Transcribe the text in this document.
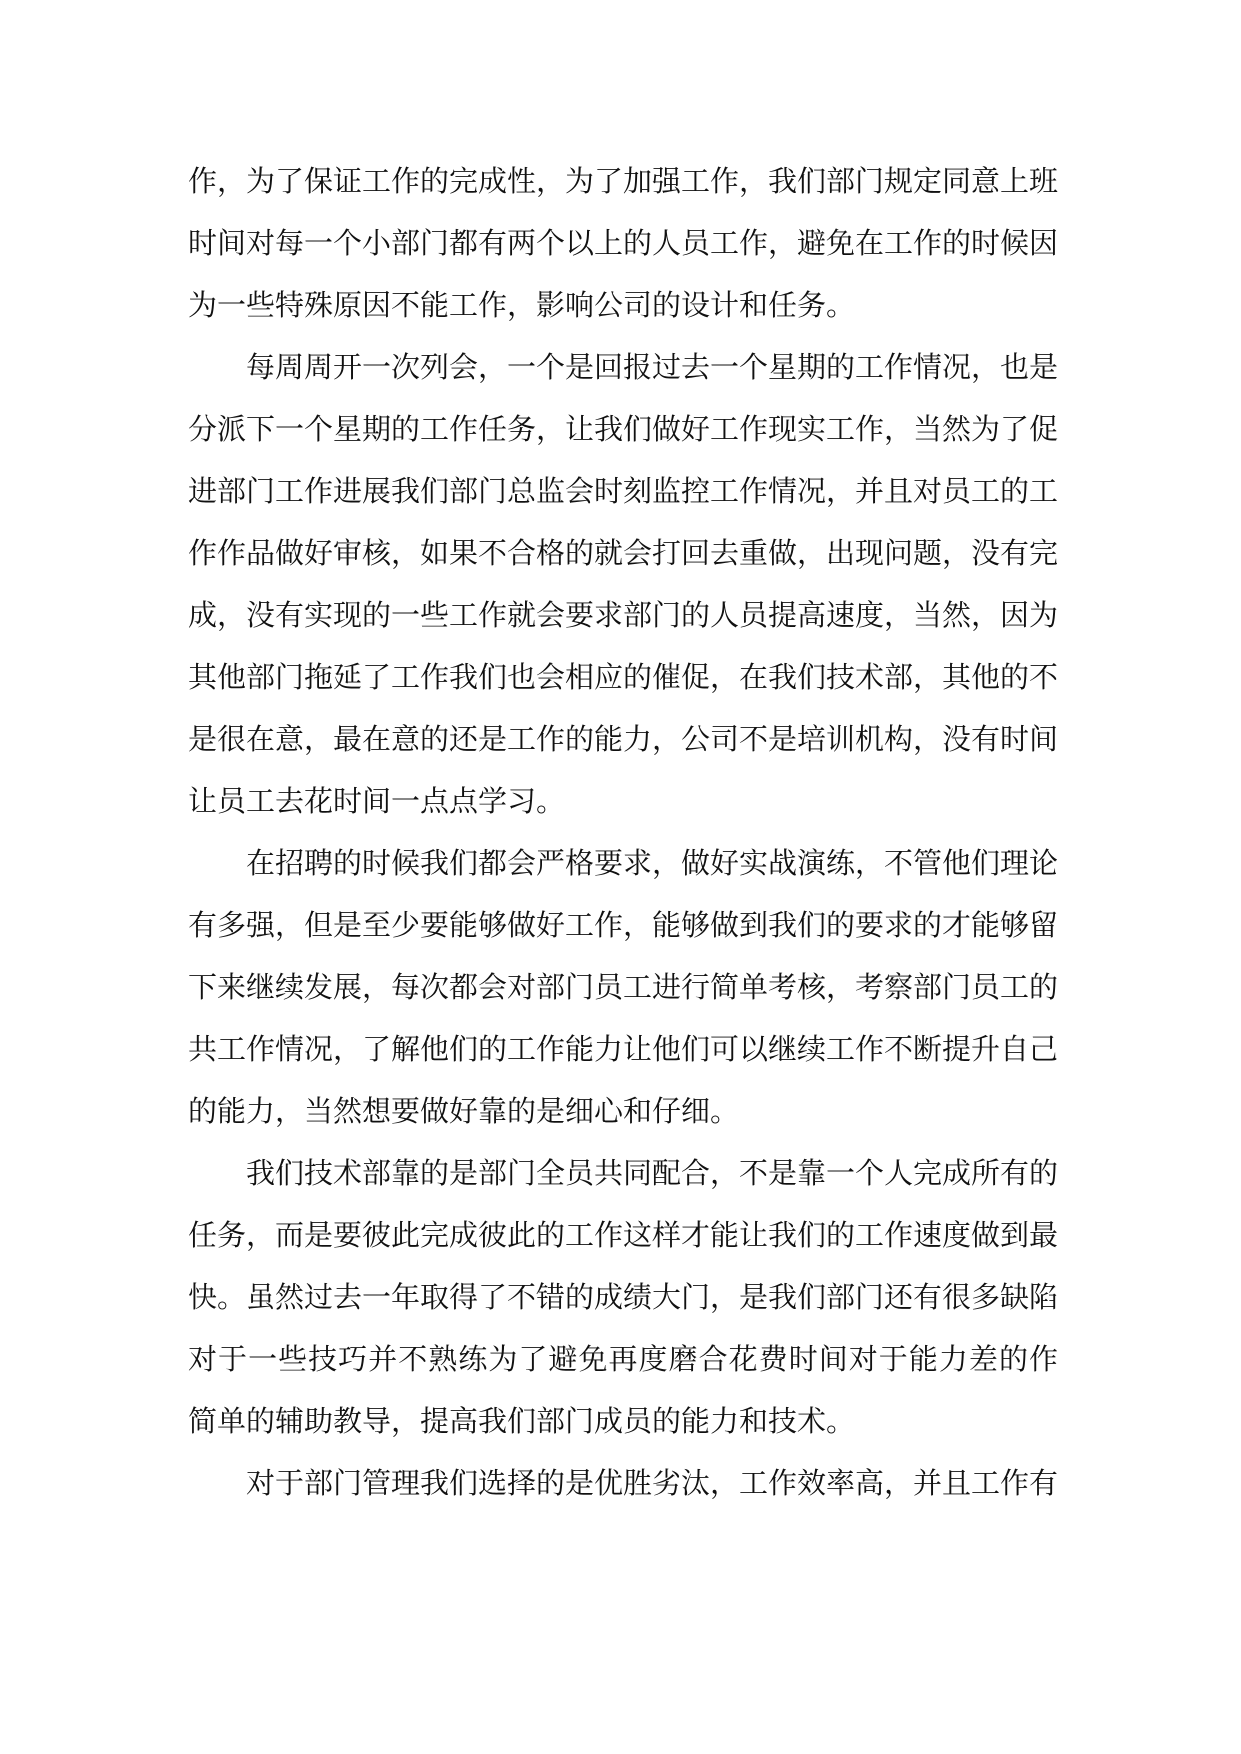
作，为了保证工作的完成性，为了加强工作，我们部门规定同意上班
时间对每一个小部门都有两个以上的人员工作，避免在工作的时候因
为一些特殊原因不能工作，影响公司的设计和任务。
每周周开一次列会，一个是回报过去一个星期的工作情况，也是
分派下一个星期的工作任务，让我们做好工作现实工作，当然为了促
进部门工作进展我们部门总监会时刻监控工作情况，并且对员工的工
作作品做好审核，如果不合格的就会打回去重做，出现问题，没有完
成，没有实现的一些工作就会要求部门的人员提高速度，当然，因为
其他部门拖延了工作我们也会相应的催促，在我们技术部，其他的不
是很在意，最在意的还是工作的能力，公司不是培训机构，没有时间
让员工去花时间一点点学习。
在招聘的时候我们都会严格要求，做好实战演练，不管他们理论
有多强，但是至少要能够做好工作，能够做到我们的要求的才能够留
下来继续发展，每次都会对部门员工进行简单考核，考察部门员工的
共工作情况，了解他们的工作能力让他们可以继续工作不断提升自己
的能力，当然想要做好靠的是细心和仔细。
我们技术部靠的是部门全员共同配合，不是靠一个人完成所有的
任务，而是要彼此完成彼此的工作这样才能让我们的工作速度做到最
快。虽然过去一年取得了不错的成绩大门，是我们部门还有很多缺陷
对于一些技巧并不熟练为了避免再度磨合花费时间对于能力差的作
简单的辅助教导，提高我们部门成员的能力和技术。
对于部门管理我们选择的是优胜劣汰，工作效率高，并且工作有
